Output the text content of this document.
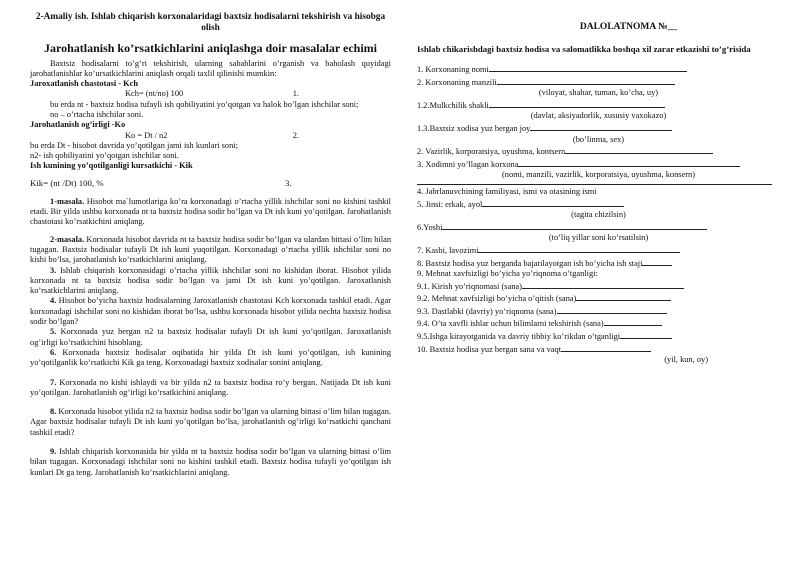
2-Amaliy ish. Ishlab chiqarish korxonalaridagi baxtsiz hodisalarni tekshirish va hisobga olish
Jarohatlanish ko’rsatkichlarini aniqlashga doir masalalar echimi

Baxtsiz hodisalarni to’g’ri tekshirish, ularning sabablarini o’rganish va baholash quyidagi jarohatlanishlar ko’ursatkichlarini aniqlash orqali taxlil qilinishi mumkin:

Jaroxatlanish chastotasi - Kch

Kch= (nt/no) 100	1.

bu erda nt - baxtsiz hodisa tufayli ish qobiliyatini yo’qotgan va halok bo’lgan ishchilar soni;

no – o’rtacha ishchilar soni.

Jarohatlanish og’irligi -Ko

Ko = Dt / n2	2.

bu erda Dt - hisobot davrida yo’qotilgan jami ish kunlari soni;

n2- ish qobiliyatini yo’qotgan ishchilar soni.

Ish kunining yo’qotilganligi kursatkichi - Kik

Kik= (nt /Dt) 100, %	3.

1-masala. Hisobot ma`lumotlariga ko’ra korxonadagi o’rtacha yillik ishchilar soni no kishini tashkil etadi. Bir yilda ushbu korxonada nt ta baxtsiz hodisa sodir bo’lgan va Dt ish kuni yo’qotilgan. Jarohatlanish chastotasi ko’rsatkichini aniqlang.

2-masala. Korxonada hisobot davrida nt ta baxtsiz hodisa sodir bo’lgan va ulardan bittasi o’lim bilan tugagan. Baxtsiz hodisalar tufayli Dt ish kuni yuqotilgan. Korxonadagi o’rtacha yillik ishchilar soni no kishi bo’lsa, jarohatlanish ko’rsatkichlarini aniqlang.

3. Ishlab chiqarish korxonasidagi o’rtacha yillik ishchilar soni no kishidan iborat. Hisobot yilida korxonada nt ta baxtsiz hodisa sodir bo’lgan va jami Dt ish kuni yo’qotilgan. Jaroxatlanish ko’rsatkichlarini aniqlang.

4. Hisobot bo’yicha baxtsiz hodisalarning Jaroxatlanish chastotasi Kch korxonada tashkil etadi. Agar korxonadagi ishchilar soni no kishidan iborat bo’lsa, ushbu korxonada hisobot yilida nechta baxtsiz hodisa sodir bo’lgan?

5. Korxonada yuz bergan n2 ta baxtsiz hodisalar tufayli Dt ish kuni yo’qotilgan. Jaroxatlanish og’irligi ko’rsatkichini hisoblang.

6. Korxonada baxtsiz hodisalar oqibatida bir yilda Dt ish kuni yo’qotilgan, ish kunining yo’qotilganlik ko’rsatkichi Kik ga teng. Korxonadagi baxtsiz xodisalar sonini aniqlang.

7. Korxonada no kishi ishlaydi va bir yilda n2 ta baxtsiz hodisa ro’y bergan. Natijada Dt ish kuni yo’qotilgan. Jarohatlanish og’irligi ko’rsatkichini aniqlang.

8. Korxonada hisobot yilida n2 ta baxtsiz hodisa sodir bo’lgan va ularning bittasi o’lim bilan tugagan. Agar baxtsiz hodisalar tufayli Dt ish kuni yo’qotilgan bo’lsa, jarohatlanish og’irligi ko’rsatkichi qanchani tashkil etadi?

9. Ishlab chiqarish korxonasida bir yilda nt ta baxtsiz hodisa sodir bo’lgan va ularning bittasi o’lim bilan tugagan. Korxonadagi ishchilar soni no kishini tashkil etadi. Baxtsiz hodisa tufayli yo’qotilgan ish kunlari Dt ga teng. Jarohatlanish ko’rsatkichlarini aniqlang.

DALOLATNOMA №__
Ishlab chikarishdagi baxtsiz hodisa va salomatlikka boshqa xil zarar etkazishi to’g’risida
1. Korxonaning nomi
2. Korxonaning manzili
(viloyat, shahar, tuman, ko’cha, uy)
1.2.Mulkchilik shakli
(davlat, aksiyadorlik, xususiy vaxokazo)
1.3.Baxtsiz xodisa yuz bergan joy
(bo’linma, sex)
2. Vazirlik, korporatsiya, uyushma, kontsern
3. Xodimni yo’llagan korxona
(nomi, manzili, vazirlik, korporatsiya, uyushma, konsern)
4. Jabrlanuvchining familiyasi, ismi va otasining ismi
5. Jinsi: erkak, ayol
(tagita chizilsin)
6.Yoshi
(to’liq yillar soni ko’rsatilsin)
7. Kasbi, lavozimi
8. Baxtsiz hodisa yuz berganda bajarilayotgan ish bo’yicha ish staji
9. Mehnat xavfsizligi bo’yicha yo’riqnoma o’tganligi:
9.1. Kirish yo’riqnomasi (sana)
9.2. Mehnat xavfsizligi bo’yicha o’qitish (sana)
9.3. Dastlabki (davriy) yo’riqnoma (sana)
9.4. O’ta xavfli ishlar uchun bilimlarni tekshirish (sana)
9.5.Ishga kirayotganida va davriy tibbiy ko’rikdan o’tganligi
10. Baxtsiz hodisa yuz bergan sana va vaqt
(yil, kun, oy)
